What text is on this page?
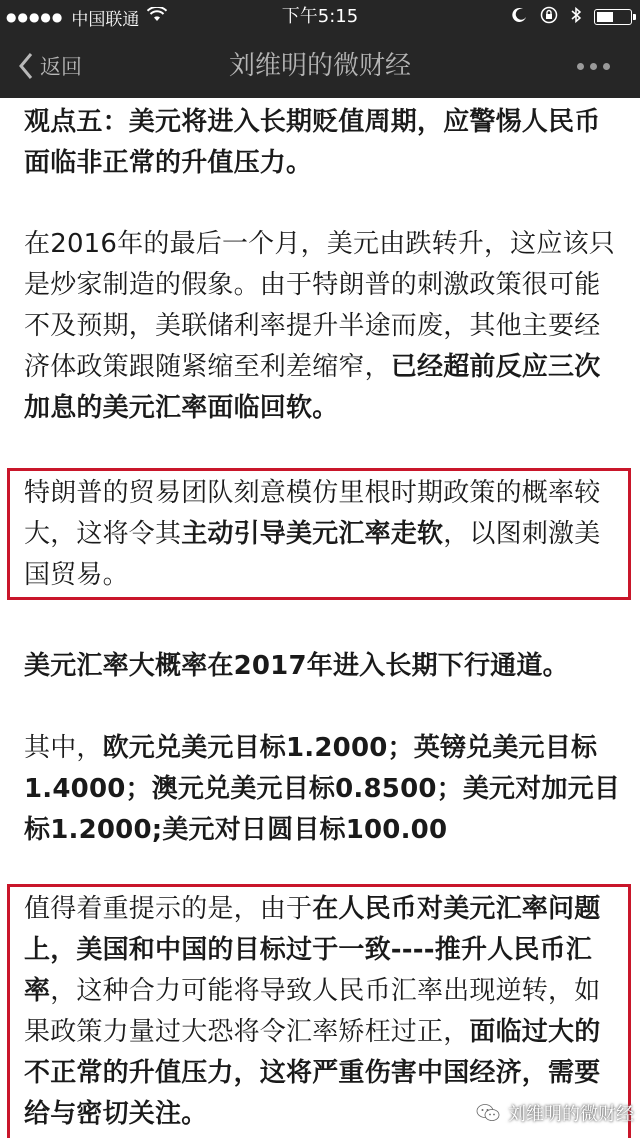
●●●●● 中国联通	下午5:15
返回	刘维明的微财经

观点五：美元将进入长期贬值周期，应警惕人民币面临非正常的升值压力。

在2016年的最后一个月，美元由跌转升，这应该只是炒家制造的假象。由于特朗普的刺激政策很可能不及预期，美联储利率提升半途而废，其他主要经济体政策跟随紧缩至利差缩窄，已经超前反应三次加息的美元汇率面临回软。

特朗普的贸易团队刻意模仿里根时期政策的概率较大，这将令其主动引导美元汇率走软，以图刺激美国贸易。

美元汇率大概率在2017年进入长期下行通道。

其中，欧元兑美元目标1.2000；英镑兑美元目标1.4000；澳元兑美元目标0.8500；美元对加元目标1.2000;美元对日圆目标100.00

值得着重提示的是，由于在人民币对美元汇率问题上，美国和中国的目标过于一致----推升人民币汇率，这种合力可能将导致人民币汇率出现逆转，如果政策力量过大恐将令汇率矫枉过正，面临过大的不正常的升值压力，这将严重伤害中国经济，需要给与密切关注。	刘维明的微财经
